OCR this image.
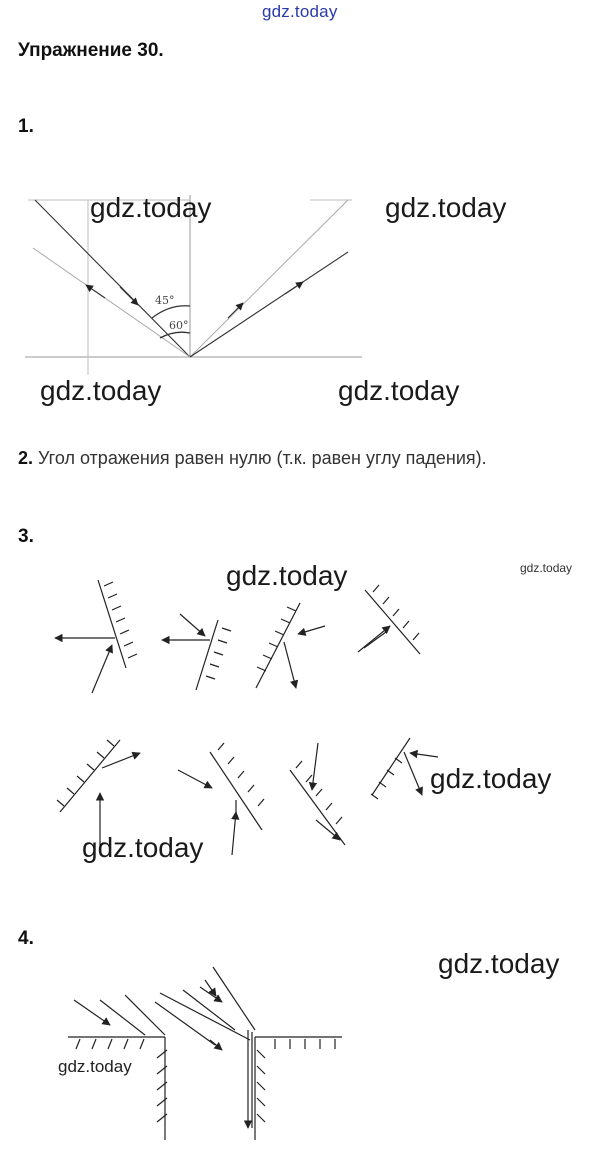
gdz.today
Упражнение 30.
1.
45°
60°
gdz.today	gdz.today
gdz.today	gdz.today
2. Угол отражения равен нулю (т.к. равен углу падения).
3.
gdz.today	gdz.today
gdz.today
gdz.today
4.
gdz.today
gdz.today
